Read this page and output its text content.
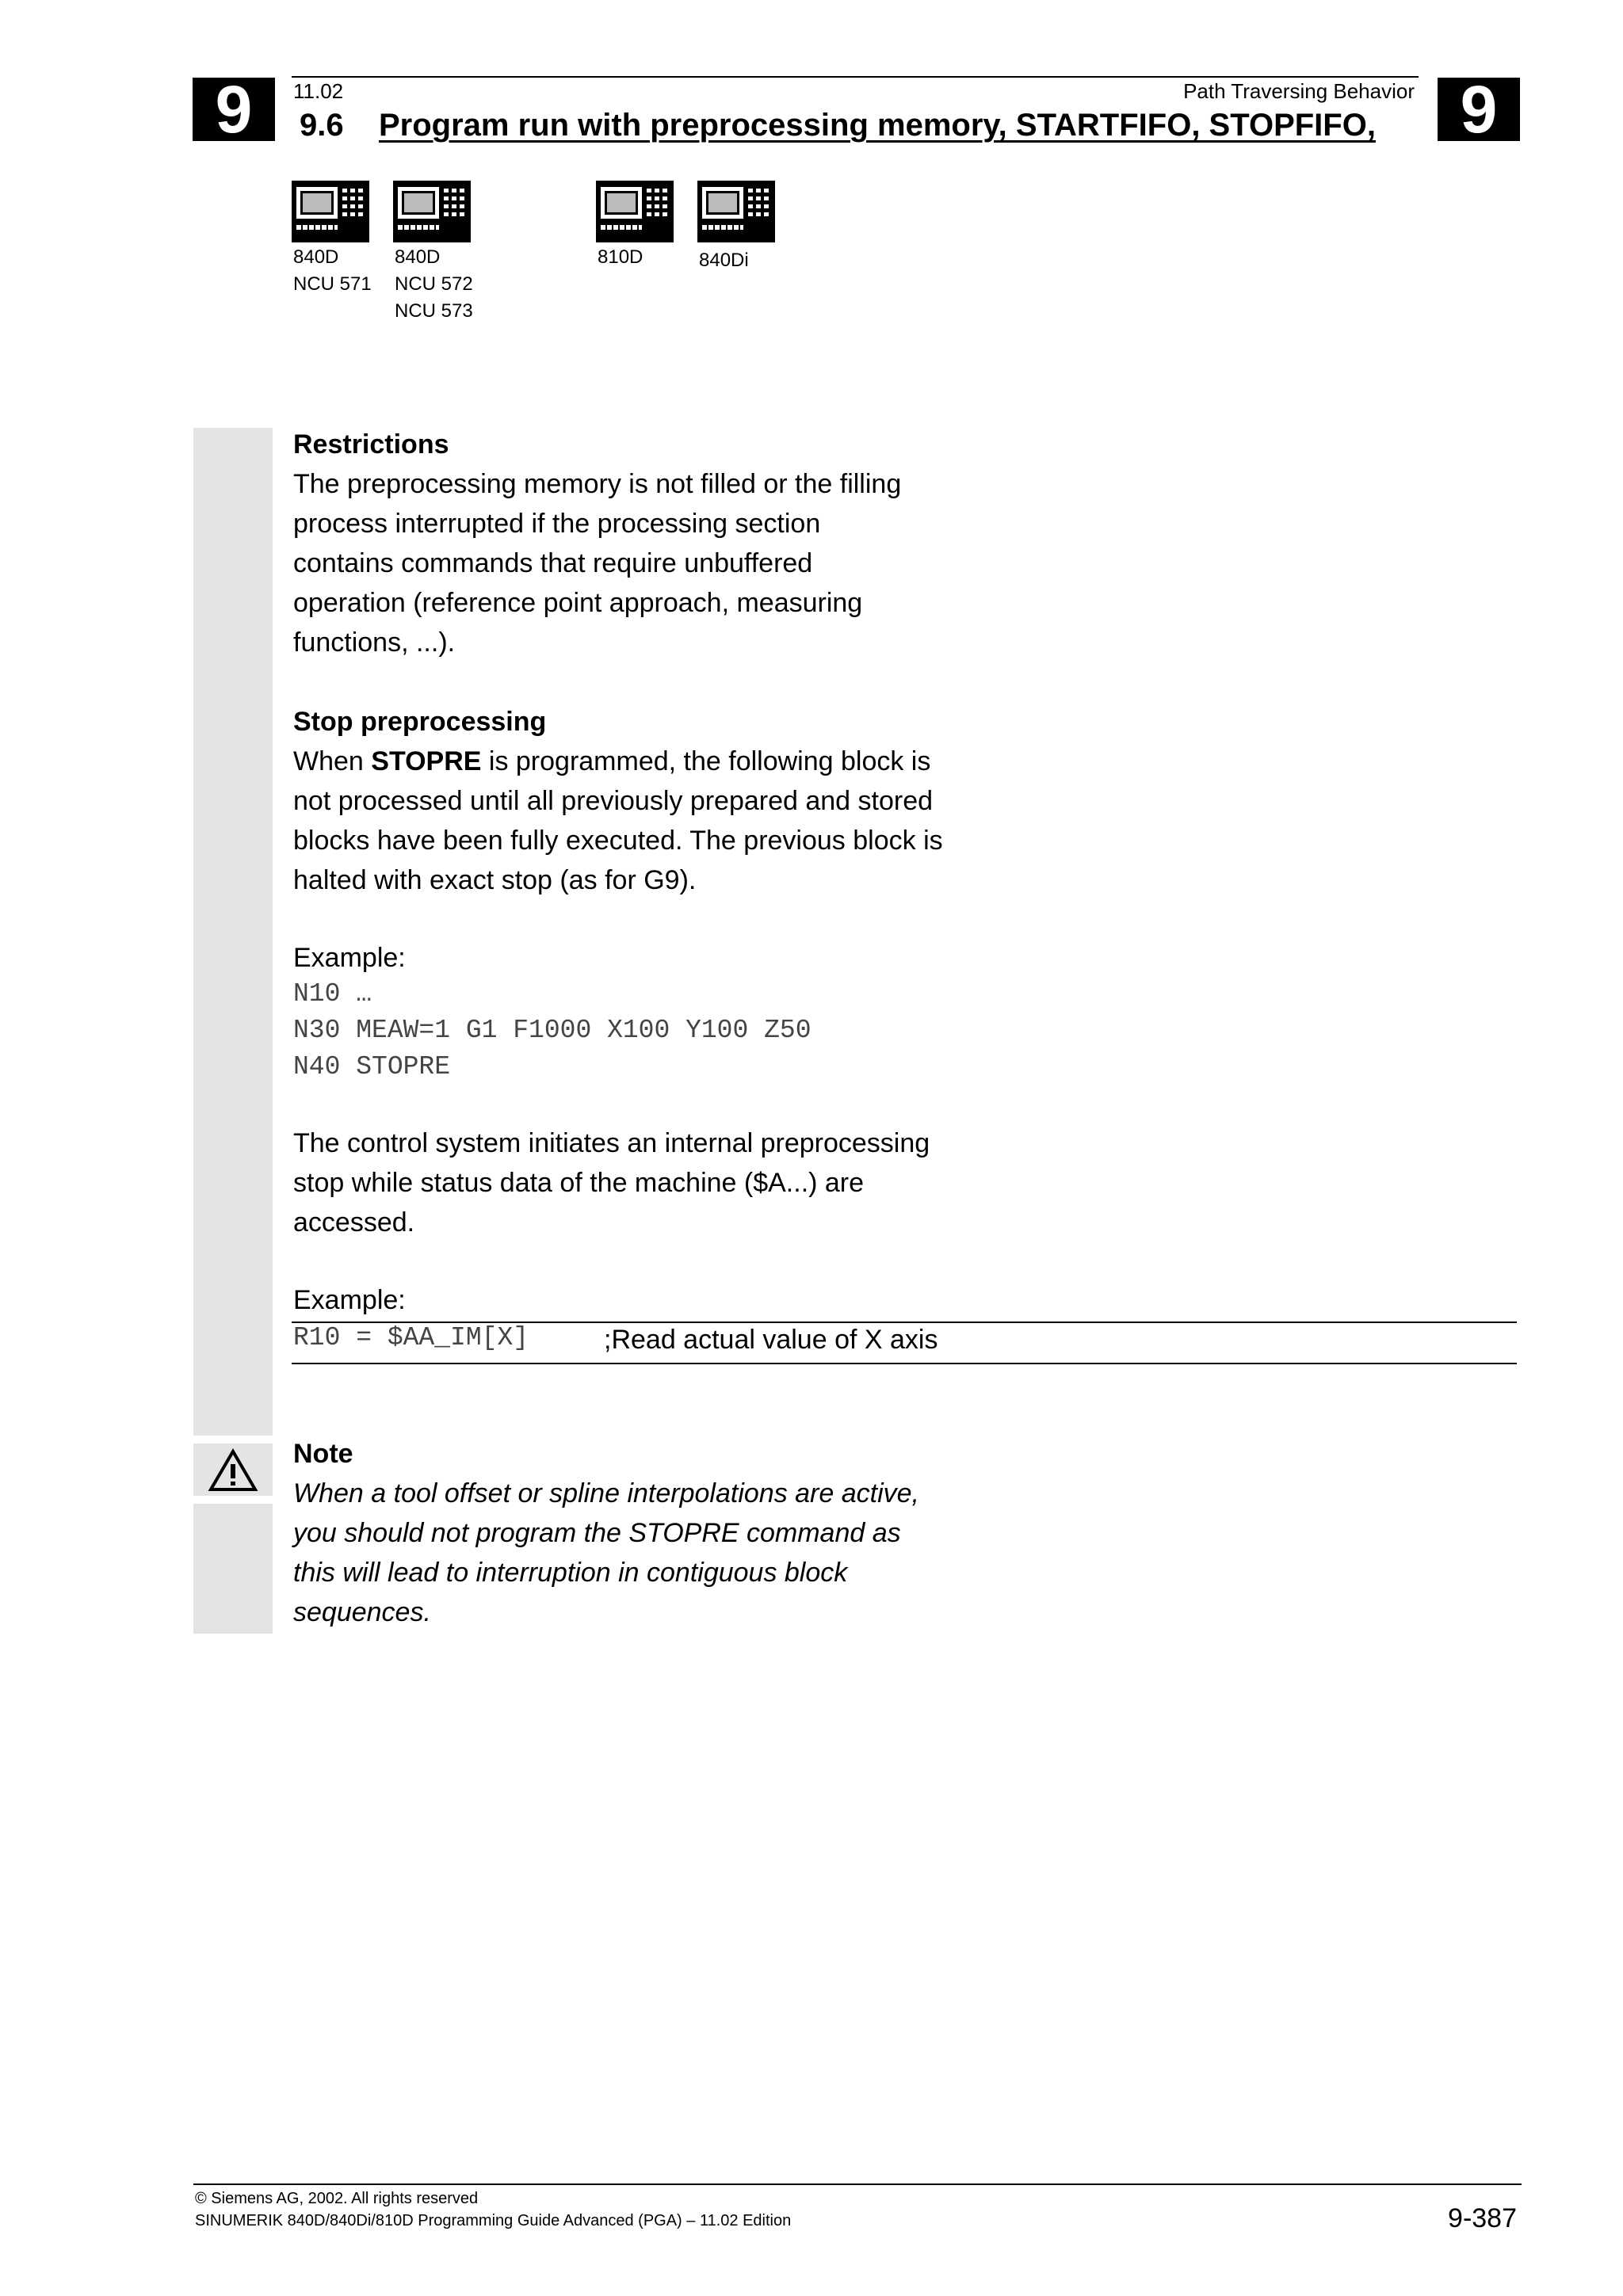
9	9
11.02	Path Traversing Behavior
9.6 Program run with preprocessing memory, STARTFIFO, STOPFIFO,
840D
NCU 571
840D
NCU 572
NCU 573
810D	840Di

Restrictions

The preprocessing memory is not filled or the filling

process interrupted if the processing section

contains commands that require unbuffered

operation (reference point approach, measuring

functions, ...).

Stop preprocessing

When STOPRE is programmed, the following block is

not processed until all previously prepared and stored

blocks have been fully executed. The previous block is

halted with exact stop (as for G9).

Example:
N10 …
N30 MEAW=1 G1 F1000 X100 Y100 Z50
N40 STOPRE

The control system initiates an internal preprocessing

stop while status data of the machine ($A...) are

accessed.

Example:
R10 = $AA_IM[X]	;Read actual value of X axis

Note

When a tool offset or spline interpolations are active,

you should not program the STOPRE command as

this will lead to interruption in contiguous block

sequences.

© Siemens AG, 2002. All rights reserved
SINUMERIK 840D/840Di/810D Programming Guide Advanced (PGA) – 11.02 Edition	9-387
